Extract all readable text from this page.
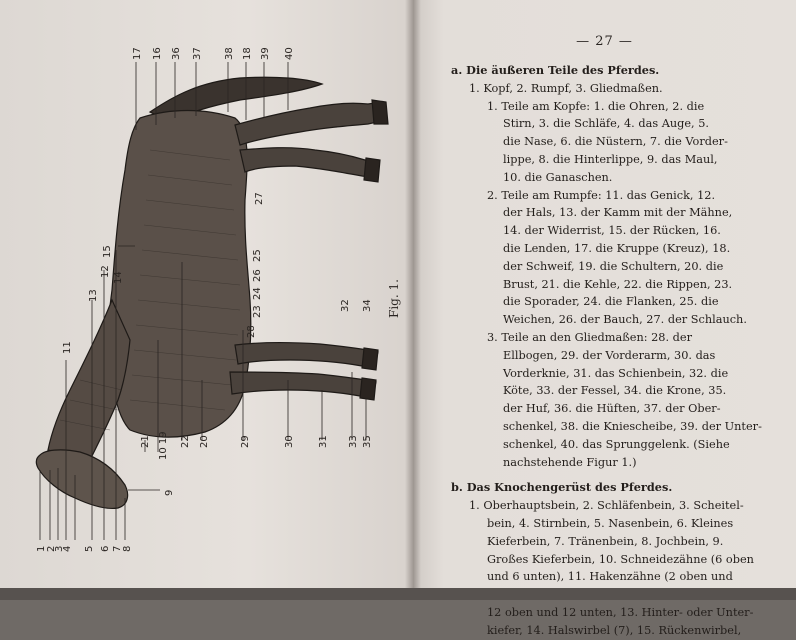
17 16 36 37 38 18 39 40
27
25
26
24
23
28
32 34
15
12 14
13
11
9
21
10 19 22 20	29	30 31 33 35
1 2
3
4 5 6 7 8
Fig. 1.
— 27 —
a. Die äußeren Teile des Pferdes.
1. Kopf, 2. Rumpf, 3. Gliedmaßen.
1. Teile am Kopfe: 1. die Ohren, 2. die
Stirn, 3. die Schläfe, 4. das Auge, 5.
die Nase, 6. die Nüstern, 7. die Vorder-
lippe, 8. die Hinterlippe, 9. das Maul,
10. die Ganaschen.
2. Teile am Rumpfe: 11. das Genick, 12.
der Hals, 13. der Kamm mit der Mähne,
14. der Widerrist, 15. der Rücken, 16.
die Lenden, 17. die Kruppe (Kreuz), 18.
der Schweif, 19. die Schultern, 20. die
Brust, 21. die Kehle, 22. die Rippen, 23.
die Sporader, 24. die Flanken, 25. die
Weichen, 26. der Bauch, 27. der Schlauch.
3. Teile an den Gliedmaßen: 28. der
Ellbogen, 29. der Vorderarm, 30. das
Vorderknie, 31. das Schienbein, 32. die
Köte, 33. der Fessel, 34. die Krone, 35.
der Huf, 36. die Hüften, 37. der Ober-
schenkel, 38. die Kniescheibe, 39. der Unter-
schenkel, 40. das Sprunggelenk. (Siehe
nachstehende Figur 1.)
b. Das Knochengerüst des Pferdes.
1. Oberhauptsbein, 2. Schläfenbein, 3. Scheitel-
bein, 4. Stirnbein, 5. Nasenbein, 6. Kleines
Kieferbein, 7. Tränenbein, 8. Jochbein, 9.
Großes Kieferbein, 10. Schneidezähne (6 oben
und 6 unten), 11. Hakenzähne (2 oben und
12 oben und 12 unten, 13. Hinter- oder Unter-
kiefer, 14. Halswirbel (7), 15. Rückenwirbel,
